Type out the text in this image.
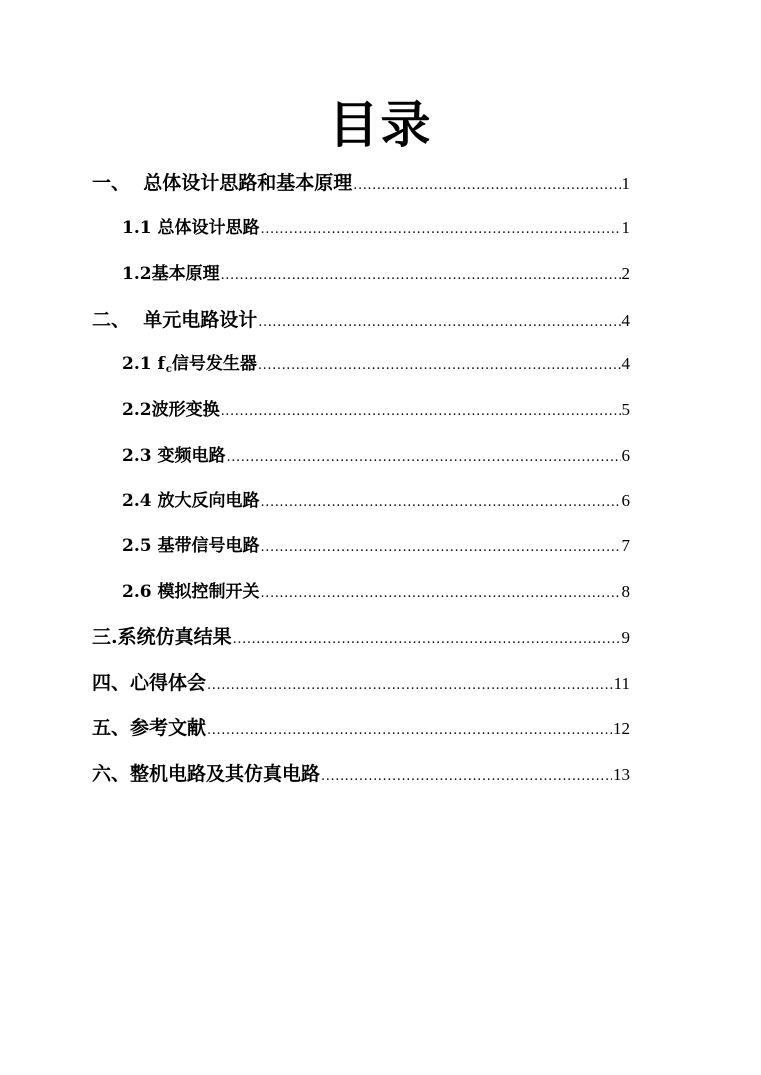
目录
一、  总体设计思路和基本原理 .....	1
1.1 总体设计思路 .....	1
1.2基本原理 .....	2
二、  单元电路设计 .....	4
2.1 $f_c$信号发生器 .....	4
2.2波形变换 .....	5
2.3 变频电路 .....	6
2.4 放大反向电路 .....	6
2.5 基带信号电路 .....	7
2.6 模拟控制开关 .....	8
三.系统仿真结果 .....	9
四、心得体会 .....	11
五、参考文献 .....	12
六、整机电路及其仿真电路 .....	13
